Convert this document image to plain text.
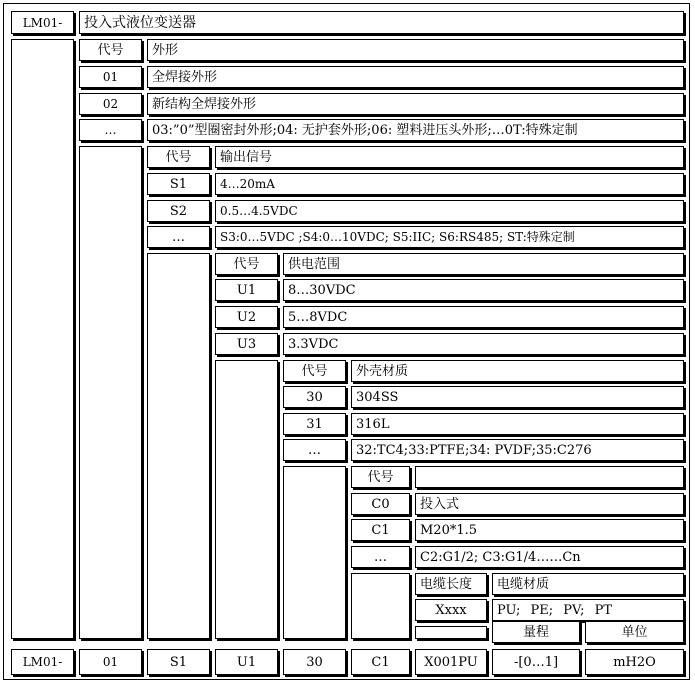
LM01-	投入式液位变送器
代号	外形
01	全焊接外形
02	新结构全焊接外形
…	03:”0”型圈密封外形;04: 无护套外形;06: 塑料进压头外形;…0T:特殊定制
代号	输出信号
S1	4…20mA
S2	0.5…4.5VDC
…	S3:0…5VDC ;S4:0…10VDC; S5:IIC; S6:RS485; ST:特殊定制
代号	供电范围
U1	8…30VDC
U2	5…8VDC
U3	3.3VDC
代号	外壳材质
30	304SS
31	316L
…	32:TC4;33:PTFE;34: PVDF;35:C276
代号
C0	投入式
C1	M20*1.5
…	C2:G1/2; C3:G1/4……Cn
电缆长度	电缆材质
Xxxx	PU; PE; PV; PT
量程	单位
LM01-	01	S1	U1	30	C1	X001PU	-[0…1]	mH2O
